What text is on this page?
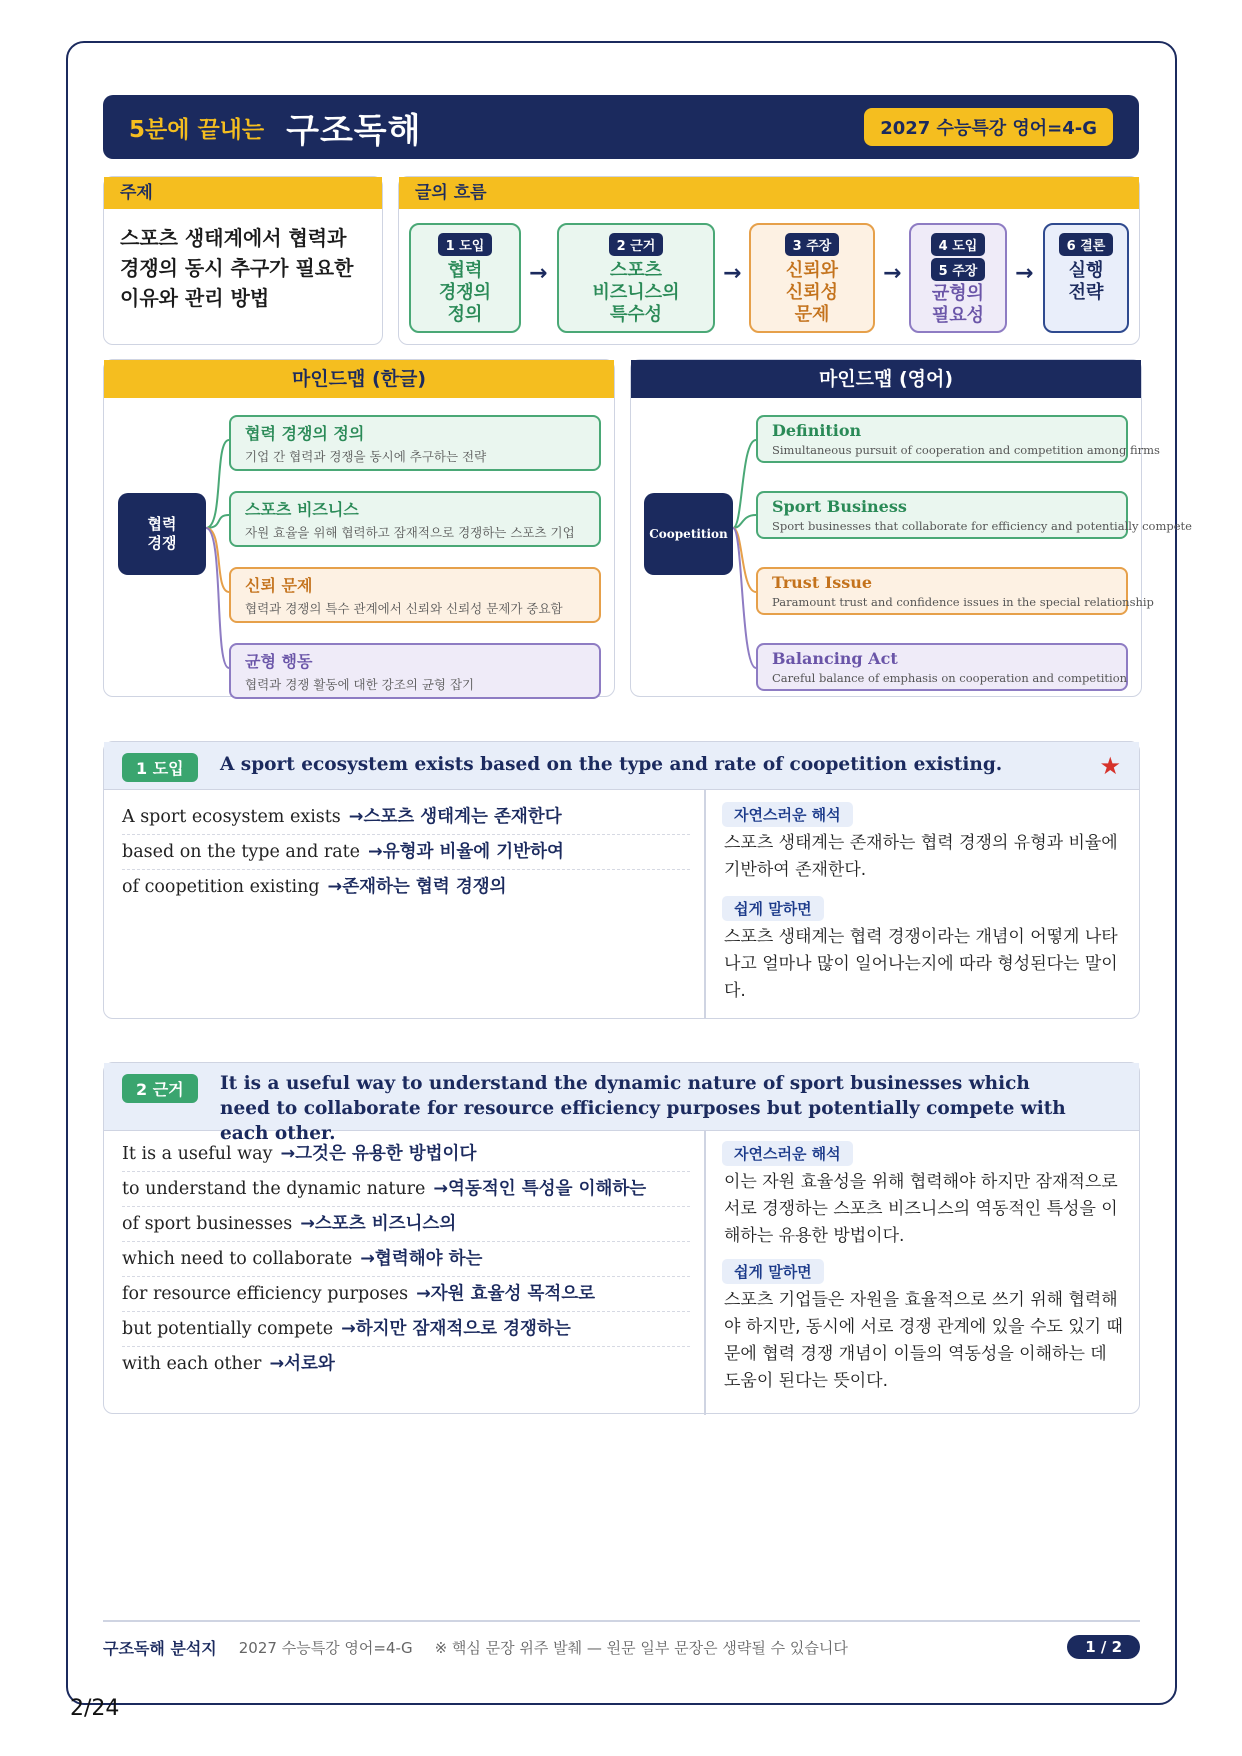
5분에 끝내는 구조독해	2027 수능특강 영어=4-G
주제
스포츠 생태계에서 협력과 경쟁의 동시 추구가 필요한 이유와 관리 방법
글의 흐름
1 도입
협력
경쟁의
정의
→
2 근거
스포츠
비즈니스의
특수성
→
3 주장
신뢰와
신뢰성
문제
→
4 도입
5 주장
균형의
필요성
→
6 결론
실행
전략
마인드맵 (한글)
협력
경쟁
협력 경쟁의 정의
기업 간 협력과 경쟁을 동시에 추구하는 전략
스포츠 비즈니스
자원 효율을 위해 협력하고 잠재적으로 경쟁하는 스포츠 기업
신뢰 문제
협력과 경쟁의 특수 관계에서 신뢰와 신뢰성 문제가 중요함
균형 행동
협력과 경쟁 활동에 대한 강조의 균형 잡기
마인드맵 (영어)
Coopetition
Definition
Simultaneous pursuit of cooperation and competition among firms
Sport Business
Sport businesses that collaborate for efficiency and potentially compete
Trust Issue
Paramount trust and confidence issues in the special relationship
Balancing Act
Careful balance of emphasis on cooperation and competition
1 도입	A sport ecosystem exists based on the type and rate of coopetition existing.	★
A sport ecosystem exists →스포츠 생태계는 존재한다
based on the type and rate →유형과 비율에 기반하여
of coopetition existing →존재하는 협력 경쟁의
자연스러운 해석
스포츠 생태계는 존재하는 협력 경쟁의 유형과 비율에 기반하여 존재한다.
쉽게 말하면
스포츠 생태계는 협력 경쟁이라는 개념이 어떻게 나타나고 얼마나 많이 일어나는지에 따라 형성된다는 말이다.
2 근거	It is a useful way to understand the dynamic nature of sport businesses which need to collaborate for resource efficiency purposes but potentially compete with each other.
It is a useful way →그것은 유용한 방법이다
to understand the dynamic nature →역동적인 특성을 이해하는
of sport businesses →스포츠 비즈니스의
which need to collaborate →협력해야 하는
for resource efficiency purposes →자원 효율성 목적으로
but potentially compete →하지만 잠재적으로 경쟁하는
with each other →서로와
자연스러운 해석
이는 자원 효율성을 위해 협력해야 하지만 잠재적으로 서로 경쟁하는 스포츠 비즈니스의 역동적인 특성을 이해하는 유용한 방법이다.
쉽게 말하면
스포츠 기업들은 자원을 효율적으로 쓰기 위해 협력해야 하지만, 동시에 서로 경쟁 관계에 있을 수도 있기 때문에 협력 경쟁 개념이 이들의 역동성을 이해하는 데 도움이 된다는 뜻이다.
구조독해 분석지 2027 수능특강 영어=4-G ※ 핵심 문장 위주 발췌 — 원문 일부 문장은 생략될 수 있습니다	1 / 2
2/24
